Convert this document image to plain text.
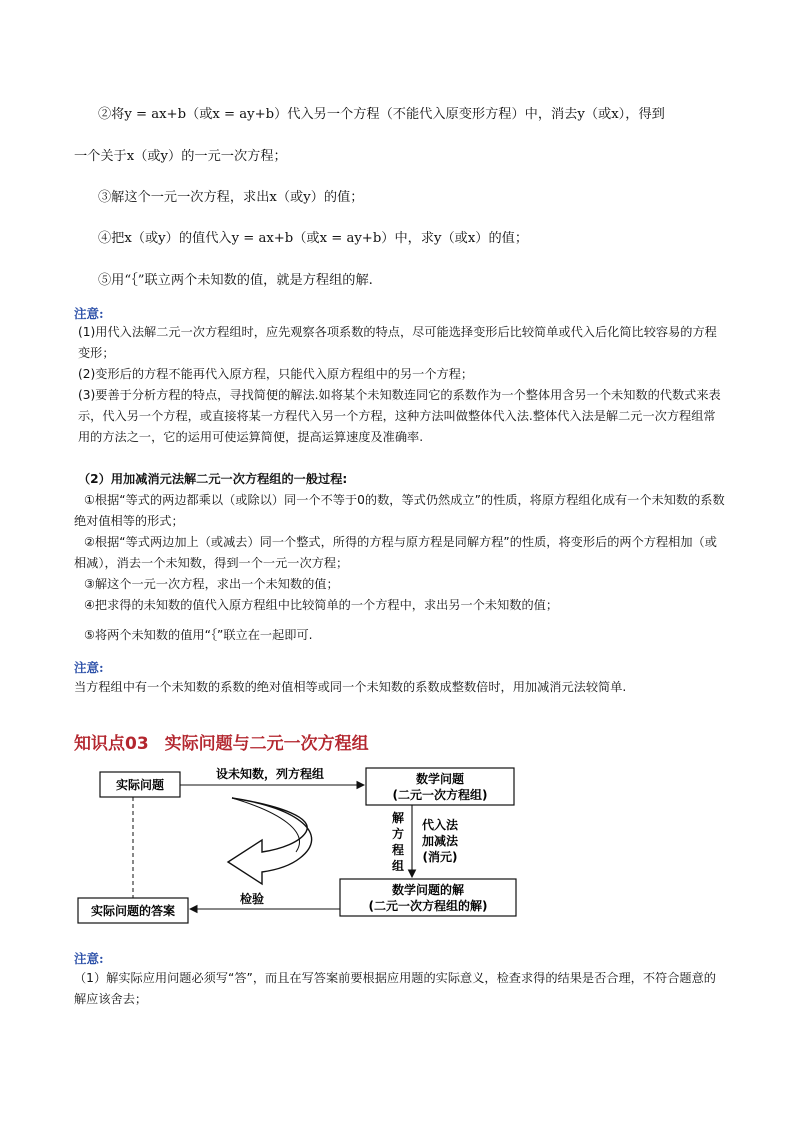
②将y = ax+b（或x = ay+b）代入另一个方程（不能代入原变形方程）中，消去y（或x），得到
一个关于x（或y）的一元一次方程；
③解这个一元一次方程，求出x（或y）的值；
④把x（或y）的值代入y = ax+b（或x = ay+b）中，求y（或x）的值；
⑤用“｛”联立两个未知数的值，就是方程组的解.
注意:
(1)用代入法解二元一次方程组时，应先观察各项系数的特点，尽可能选择变形后比较简单或代入后化简比较容易的方程变形；
(2)变形后的方程不能再代入原方程，只能代入原方程组中的另一个方程；
(3)要善于分析方程的特点，寻找简便的解法.如将某个未知数连同它的系数作为一个整体用含另一个未知数的代数式来表示，代入另一个方程，或直接将某一方程代入另一个方程，这种方法叫做整体代入法.整体代入法是解二元一次方程组常用的方法之一，它的运用可使运算简便，提高运算速度及准确率.
（2）用加减消元法解二元一次方程组的一般过程:
①根据“等式的两边都乘以（或除以）同一个不等于0的数，等式仍然成立”的性质，将原方程组化成有一个未知数的系数绝对值相等的形式；
②根据“等式两边加上（或减去）同一个整式，所得的方程与原方程是同解方程”的性质，将变形后的两个方程相加（或相减），消去一个未知数，得到一个一元一次方程；
③解这个一元一次方程，求出一个未知数的值；
④把求得的未知数的值代入原方程组中比较简单的一个方程中，求出另一个未知数的值；
⑤将两个未知数的值用“｛”联立在一起即可.
注意:
当方程组中有一个未知数的系数的绝对值相等或同一个未知数的系数成整数倍时，用加减消元法较简单.
知识点03 实际问题与二元一次方程组
实际问题
设未知数，列方程组	数学问题
(二元一次方程组)
解
方
程
组
代入法
加减法
(消元)
数学问题的解
(二元一次方程组的解)
检验
实际问题的答案
注意:
（1）解实际应用问题必须写“答”，而且在写答案前要根据应用题的实际意义，检查求得的结果是否合理，不符合题意的解应该舍去；
